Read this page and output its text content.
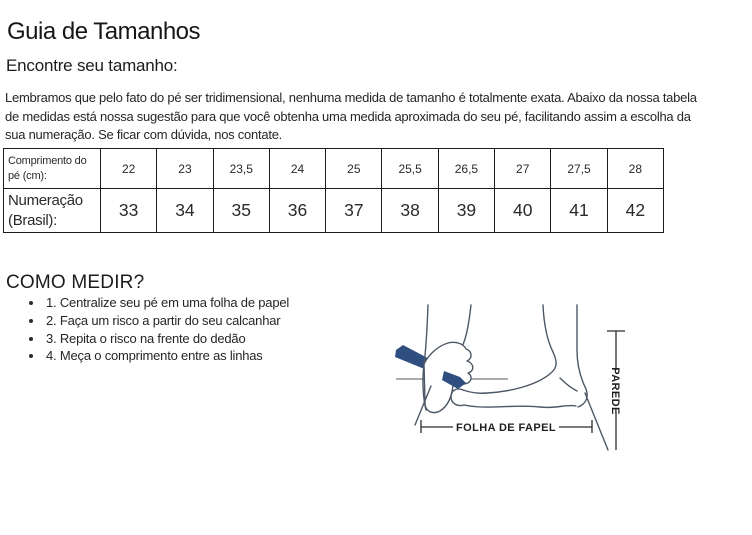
Guia de Tamanhos
Encontre seu tamanho:

Lembramos que pelo fato do pé ser tridimensional, nenhuma medida de tamanho é totalmente exata. Abaixo da nossa tabela de medidas está nossa sugestão para que você obtenha uma medida aproximada do seu pé, facilitando assim a escolha da sua numeração. Se ficar com dúvida, nos contate.

Comprimento do pé (cm):	22	23	23,5	24	25	25,5	26,5	27	27,5	28
Numeração (Brasil):	33	34	35	36	37	38	39	40	41	42
COMO MEDIR?
1. Centralize seu pé em uma folha de papel
2. Faça um risco a partir do seu calcanhar
3. Repita o risco na frente do dedão
4. Meça o comprimento entre as linhas
FOLHA DE FAPEL
PAREDE
